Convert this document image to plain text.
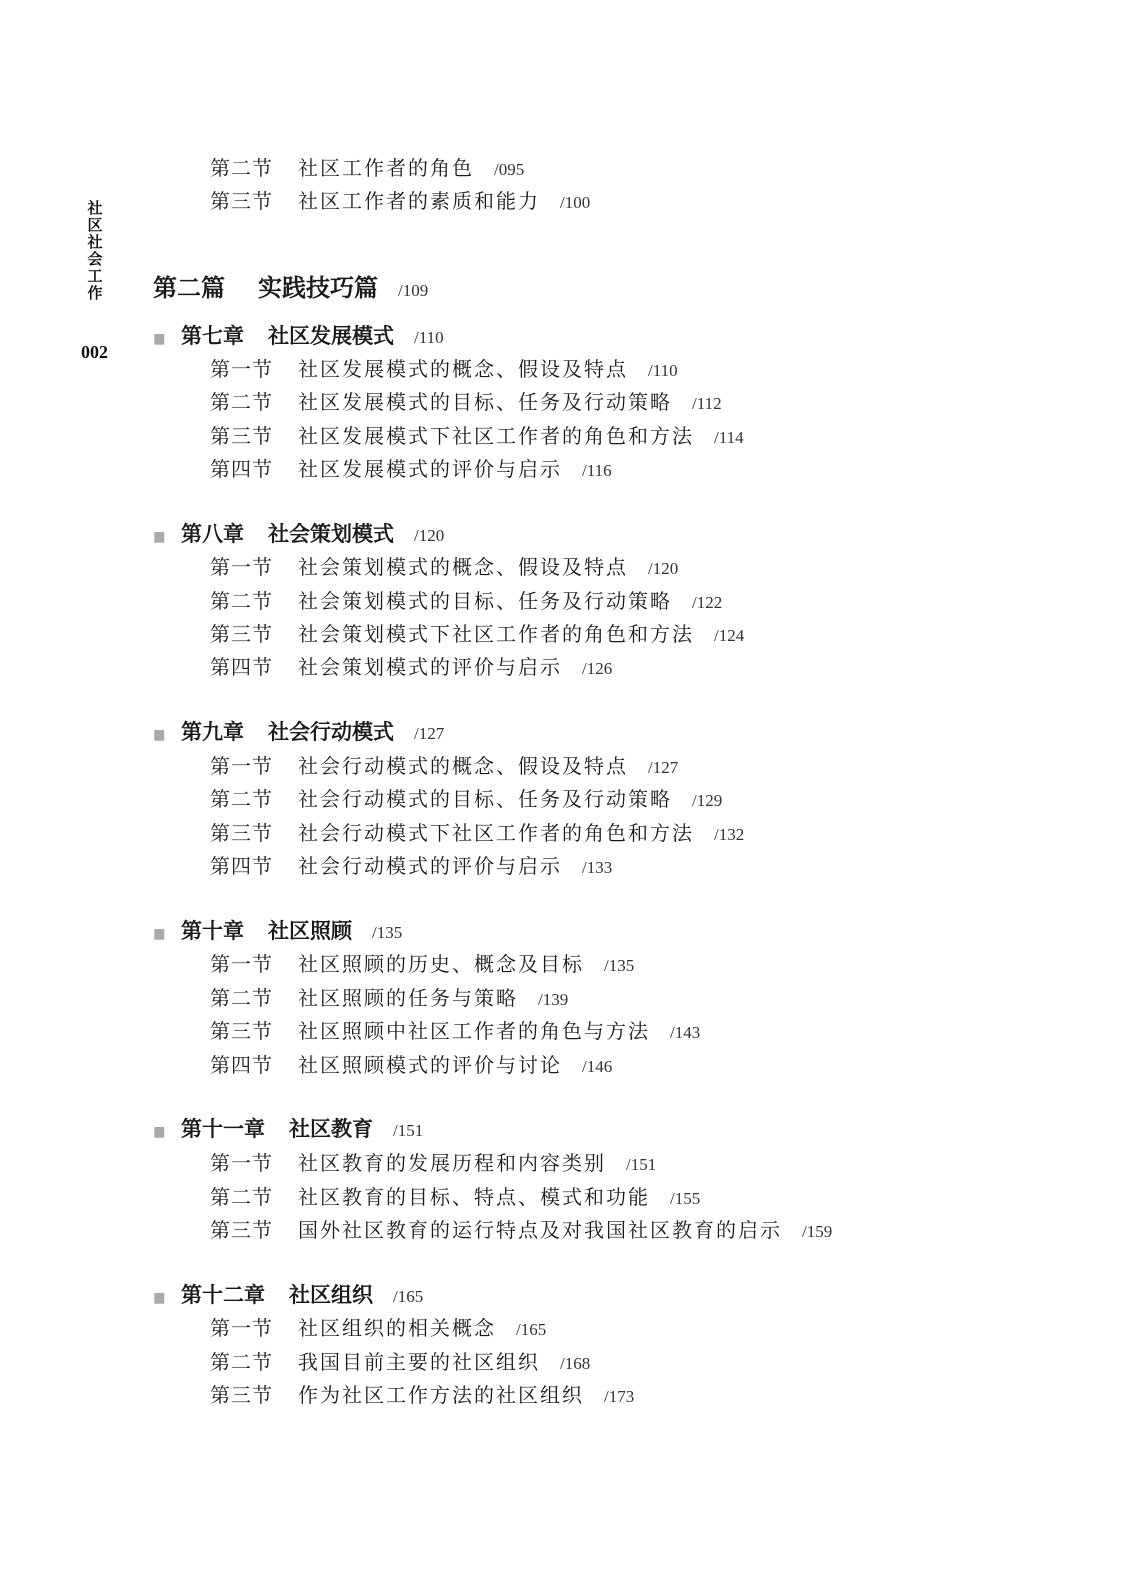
社
区
社
会
工
作
002
第二节	社区工作者的角色 /095
第三节	社区工作者的素质和能力 /100
第二篇	实践技巧篇 /109
▮▮ 第七章 社区发展模式 /110
第一节	社区发展模式的概念、假设及特点 /110
第二节	社区发展模式的目标、任务及行动策略 /112
第三节	社区发展模式下社区工作者的角色和方法 /114
第四节	社区发展模式的评价与启示 /116
▮▮ 第八章 社会策划模式 /120
第一节	社会策划模式的概念、假设及特点 /120
第二节	社会策划模式的目标、任务及行动策略 /122
第三节	社会策划模式下社区工作者的角色和方法 /124
第四节	社会策划模式的评价与启示 /126
▮▮ 第九章 社会行动模式 /127
第一节	社会行动模式的概念、假设及特点 /127
第二节	社会行动模式的目标、任务及行动策略 /129
第三节	社会行动模式下社区工作者的角色和方法 /132
第四节	社会行动模式的评价与启示 /133
▮▮ 第十章 社区照顾 /135
第一节	社区照顾的历史、概念及目标 /135
第二节	社区照顾的任务与策略 /139
第三节	社区照顾中社区工作者的角色与方法 /143
第四节	社区照顾模式的评价与讨论 /146
▮▮ 第十一章 社区教育 /151
第一节	社区教育的发展历程和内容类别 /151
第二节	社区教育的目标、特点、模式和功能 /155
第三节	国外社区教育的运行特点及对我国社区教育的启示 /159
▮▮ 第十二章 社区组织 /165
第一节	社区组织的相关概念 /165
第二节	我国目前主要的社区组织 /168
第三节	作为社区工作方法的社区组织 /173
